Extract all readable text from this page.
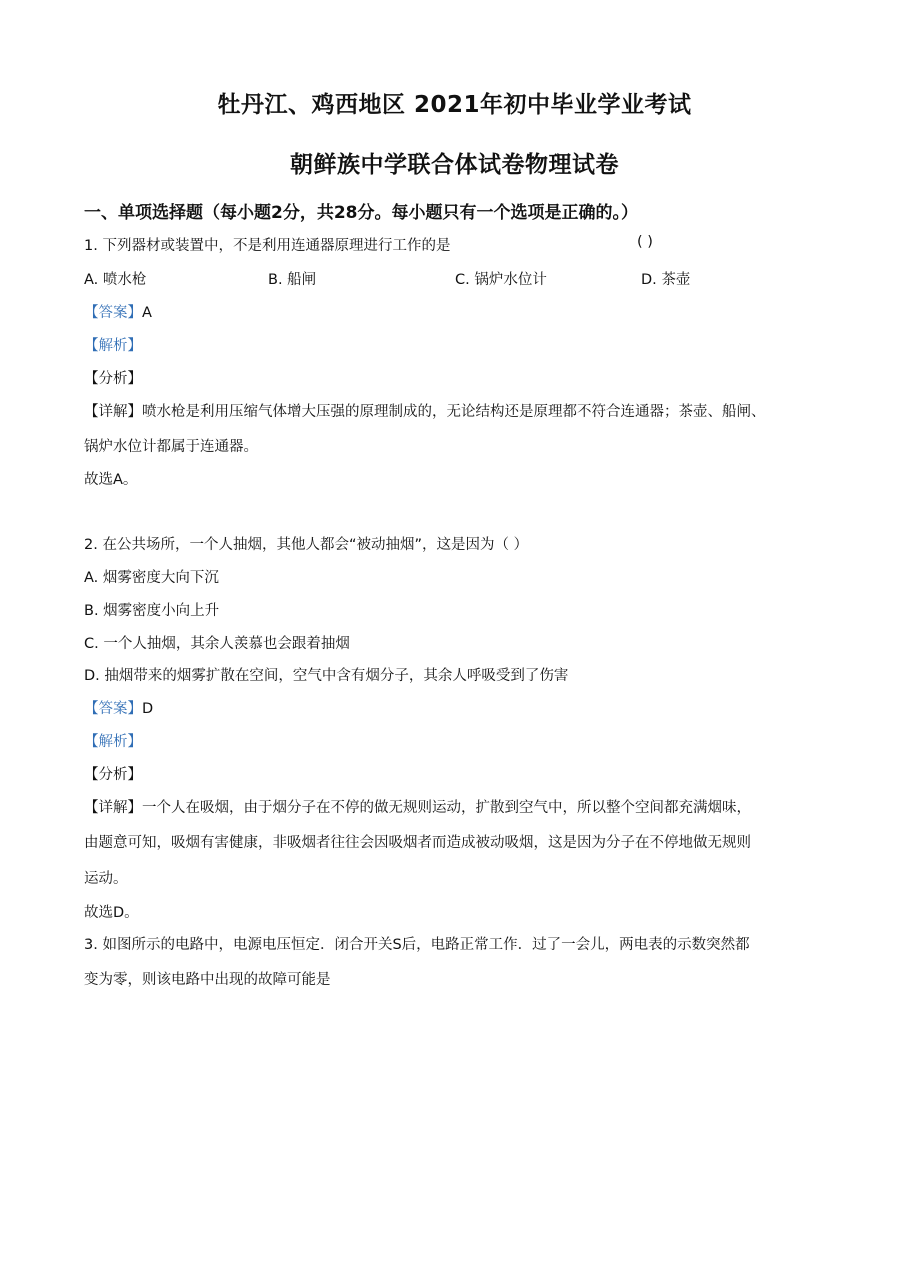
牡丹江、鸡西地区 2021年初中毕业学业考试
朝鲜族中学联合体试卷物理试卷
一、单项选择题（每小题2分，共28分。每小题只有一个选项是正确的。）
1. 下列器材或装置中，不是利用连通器原理进行工作的是	( )
A. 喷水枪	B. 船闸	C. 锅炉水位计	D. 茶壶
【答案】A
【解析】
【分析】
【详解】喷水枪是利用压缩气体增大压强的原理制成的，无论结构还是原理都不符合连通器；茶壶、船闸、
锅炉水位计都属于连通器。
故选A。
2. 在公共场所，一个人抽烟，其他人都会“被动抽烟”，这是因为（ ）
A. 烟雾密度大向下沉
B. 烟雾密度小向上升
C. 一个人抽烟，其余人羡慕也会跟着抽烟
D. 抽烟带来的烟雾扩散在空间，空气中含有烟分子，其余人呼吸受到了伤害
【答案】D
【解析】
【分析】
【详解】一个人在吸烟，由于烟分子在不停的做无规则运动，扩散到空气中，所以整个空间都充满烟味，
由题意可知，吸烟有害健康，非吸烟者往往会因吸烟者而造成被动吸烟，这是因为分子在不停地做无规则
运动。
故选D。
3. 如图所示的电路中，电源电压恒定．闭合开关S后，电路正常工作．过了一会儿，两电表的示数突然都
变为零，则该电路中出现的故障可能是
